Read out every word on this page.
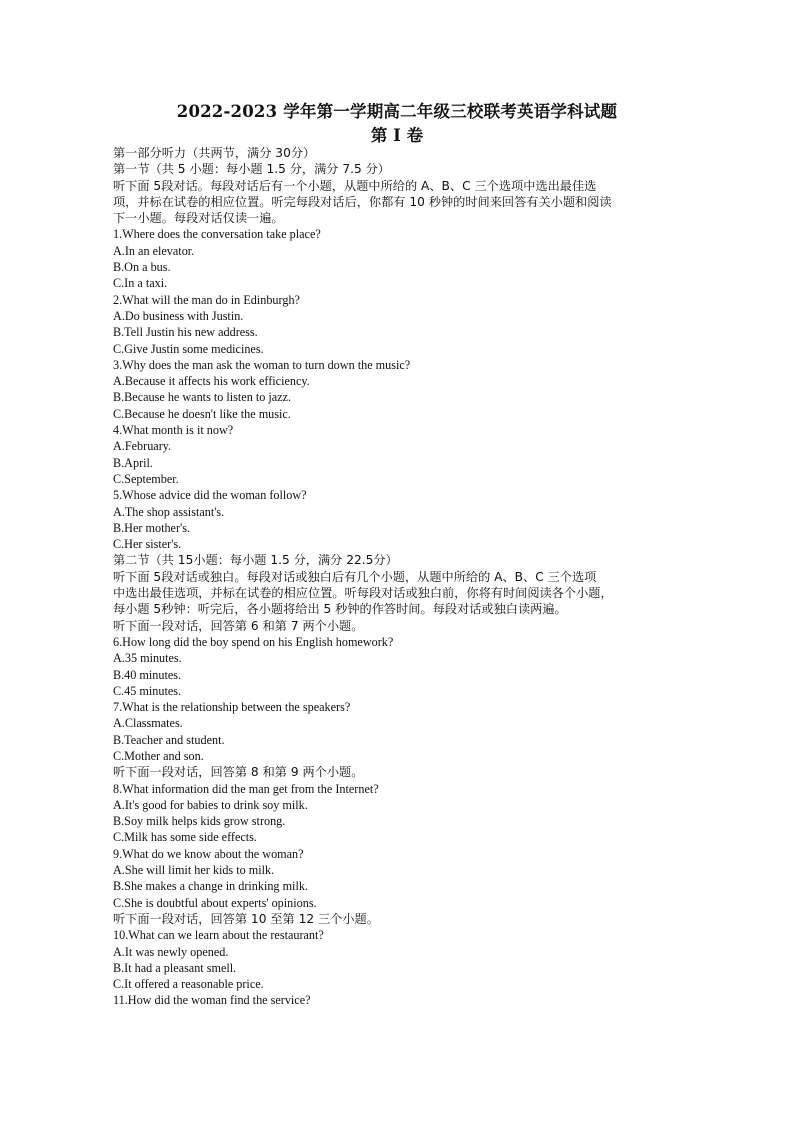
2022-2023 学年第一学期高二年级三校联考英语学科试题
第 I 卷
第一部分听力（共两节，满分 30分）
第一节（共 5 小题：每小题 1.5 分，满分 7.5 分）
听下面 5段对话。每段对话后有一个小题，从题中所给的 A、B、C 三个选项中选出最佳选
项，并标在试卷的相应位置。听完每段对话后，你都有 10 秒钟的时间来回答有关小题和阅读
下一小题。每段对话仅读一遍。
1.Where does the conversation take place?
A.In an elevator.
B.On a bus.
C.In a taxi.
2.What will the man do in Edinburgh?
A.Do business with Justin.
B.Tell Justin his new address.
C.Give Justin some medicines.
3.Why does the man ask the woman to turn down the music?
A.Because it affects his work efficiency.
B.Because he wants to listen to jazz.
C.Because he doesn't like the music.
4.What month is it now?
A.February.
B.April.
C.September.
5.Whose advice did the woman follow?
A.The shop assistant's.
B.Her mother's.
C.Her sister's.
第二节（共 15小题：每小题 1.5 分，满分 22.5分）
听下面 5段对话或独白。每段对话或独白后有几个小题，从题中所给的 A、B、C 三个选项
中选出最佳选项，并标在试卷的相应位置。听每段对话或独白前，你将有时间阅读各个小题，
每小题 5秒钟：听完后，各小题将给出 5 秒钟的作答时间。每段对话或独白读两遍。
听下面一段对话，回答第 6 和第 7 两个小题。
6.How long did the boy spend on his English homework?
A.35 minutes.
B.40 minutes.
C.45 minutes.
7.What is the relationship between the speakers?
A.Classmates.
B.Teacher and student.
C.Mother and son.
听下面一段对话，回答第 8 和第 9 两个小题。
8.What information did the man get from the Internet?
A.It's good for babies to drink soy milk.
B.Soy milk helps kids grow strong.
C.Milk has some side effects.
9.What do we know about the woman?
A.She will limit her kids to milk.
B.She makes a change in drinking milk.
C.She is doubtful about experts' opinions.
听下面一段对话，回答第 10 至第 12 三个小题。
10.What can we learn about the restaurant?
A.It was newly opened.
B.It had a pleasant smell.
C.It offered a reasonable price.
11.How did the woman find the service?
